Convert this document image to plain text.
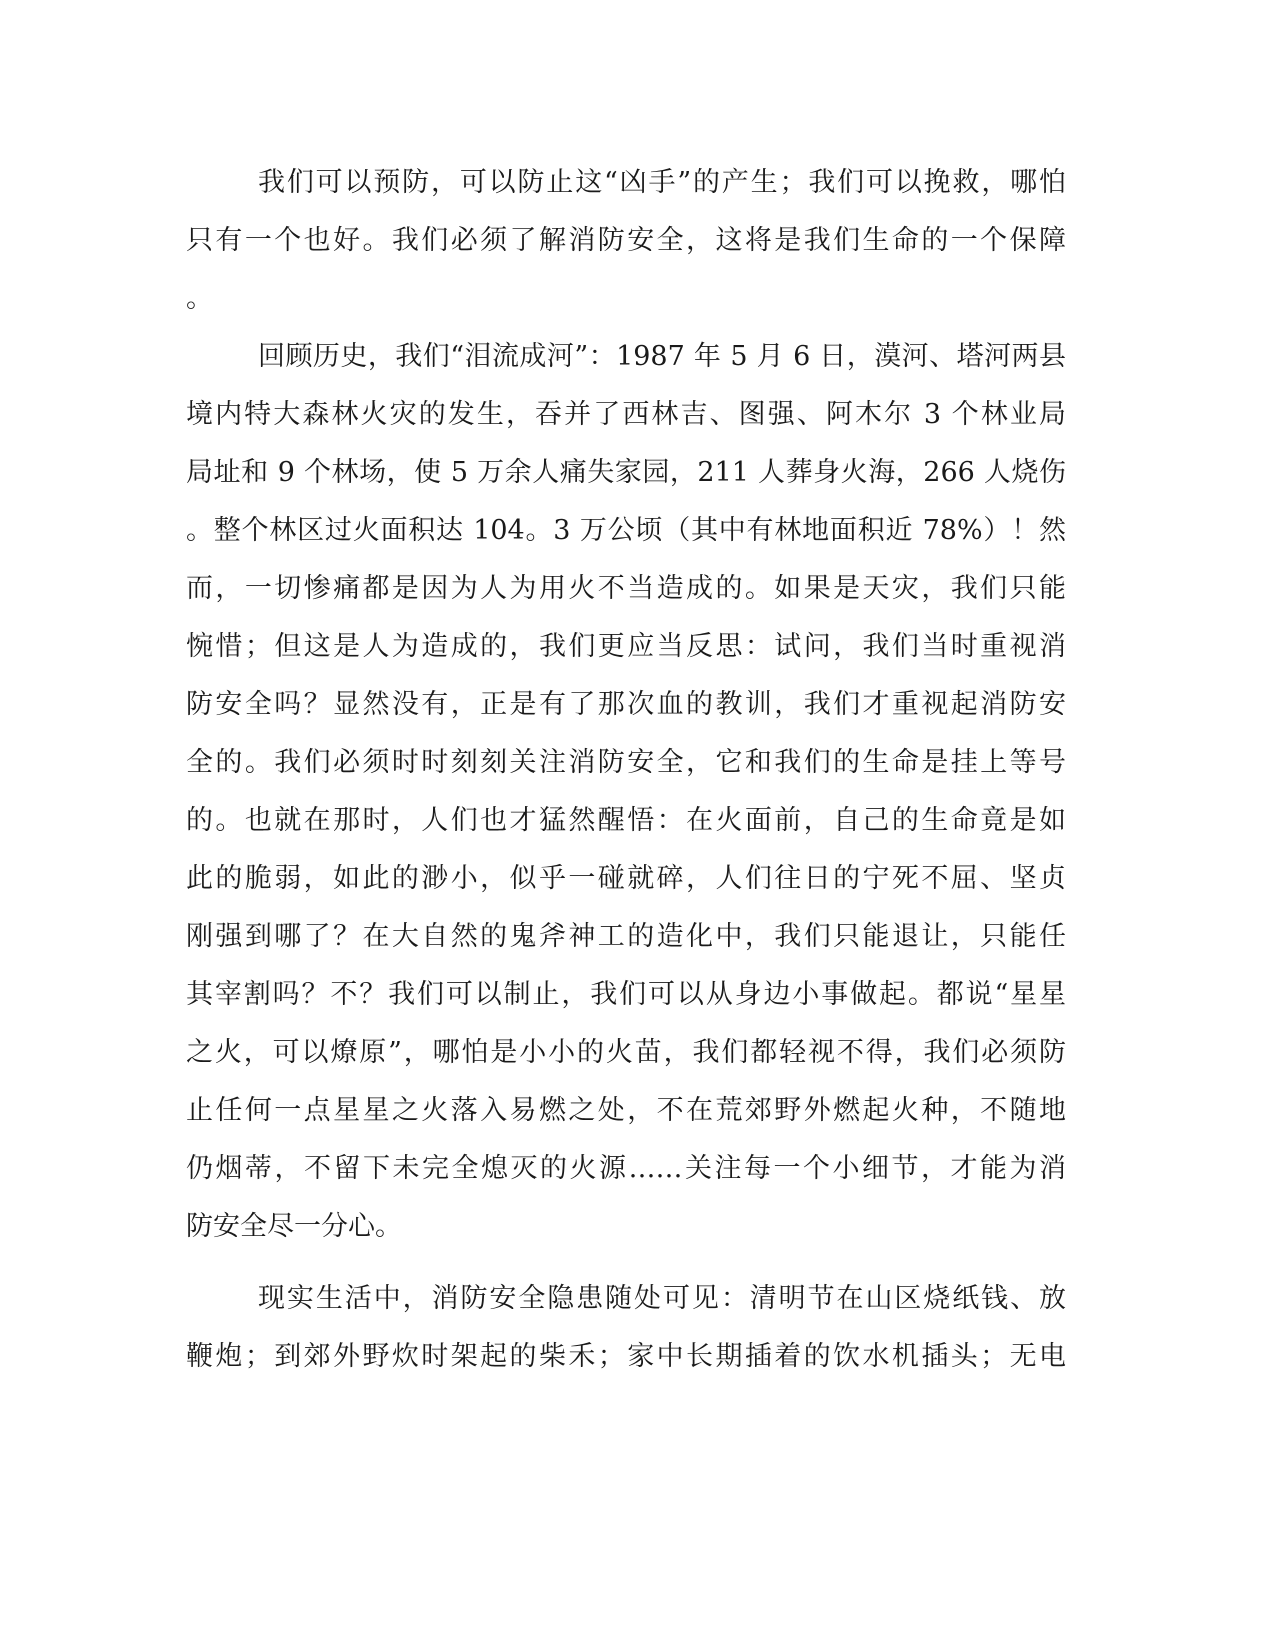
我们可以预防，可以防止这“凶手”的产生；我们可以挽救，哪怕
只有一个也好。我们必须了解消防安全，这将是我们生命的一个保障
。
回顾历史，我们“泪流成河”：1987 年 5 月 6 日，漠河、塔河两县
境内特大森林火灾的发生，吞并了西林吉、图强、阿木尔 3 个林业局
局址和 9 个林场，使 5 万余人痛失家园，211 人葬身火海，266 人烧伤
。整个林区过火面积达 104。3 万公顷（其中有林地面积近 78%）！然
而，一切惨痛都是因为人为用火不当造成的。如果是天灾，我们只能
惋惜；但这是人为造成的，我们更应当反思：试问，我们当时重视消
防安全吗？显然没有，正是有了那次血的教训，我们才重视起消防安
全的。我们必须时时刻刻关注消防安全，它和我们的生命是挂上等号
的。也就在那时，人们也才猛然醒悟：在火面前，自己的生命竟是如
此的脆弱，如此的渺小，似乎一碰就碎，人们往日的宁死不屈、坚贞
刚强到哪了？在大自然的鬼斧神工的造化中，我们只能退让，只能任
其宰割吗？不？我们可以制止，我们可以从身边小事做起。都说“星星
之火，可以燎原”，哪怕是小小的火苗，我们都轻视不得，我们必须防
止任何一点星星之火落入易燃之处，不在荒郊野外燃起火种，不随地
仍烟蒂，不留下未完全熄灭的火源……关注每一个小细节，才能为消
防安全尽一分心。
现实生活中，消防安全隐患随处可见：清明节在山区烧纸钱、放
鞭炮；到郊外野炊时架起的柴禾；家中长期插着的饮水机插头；无电
